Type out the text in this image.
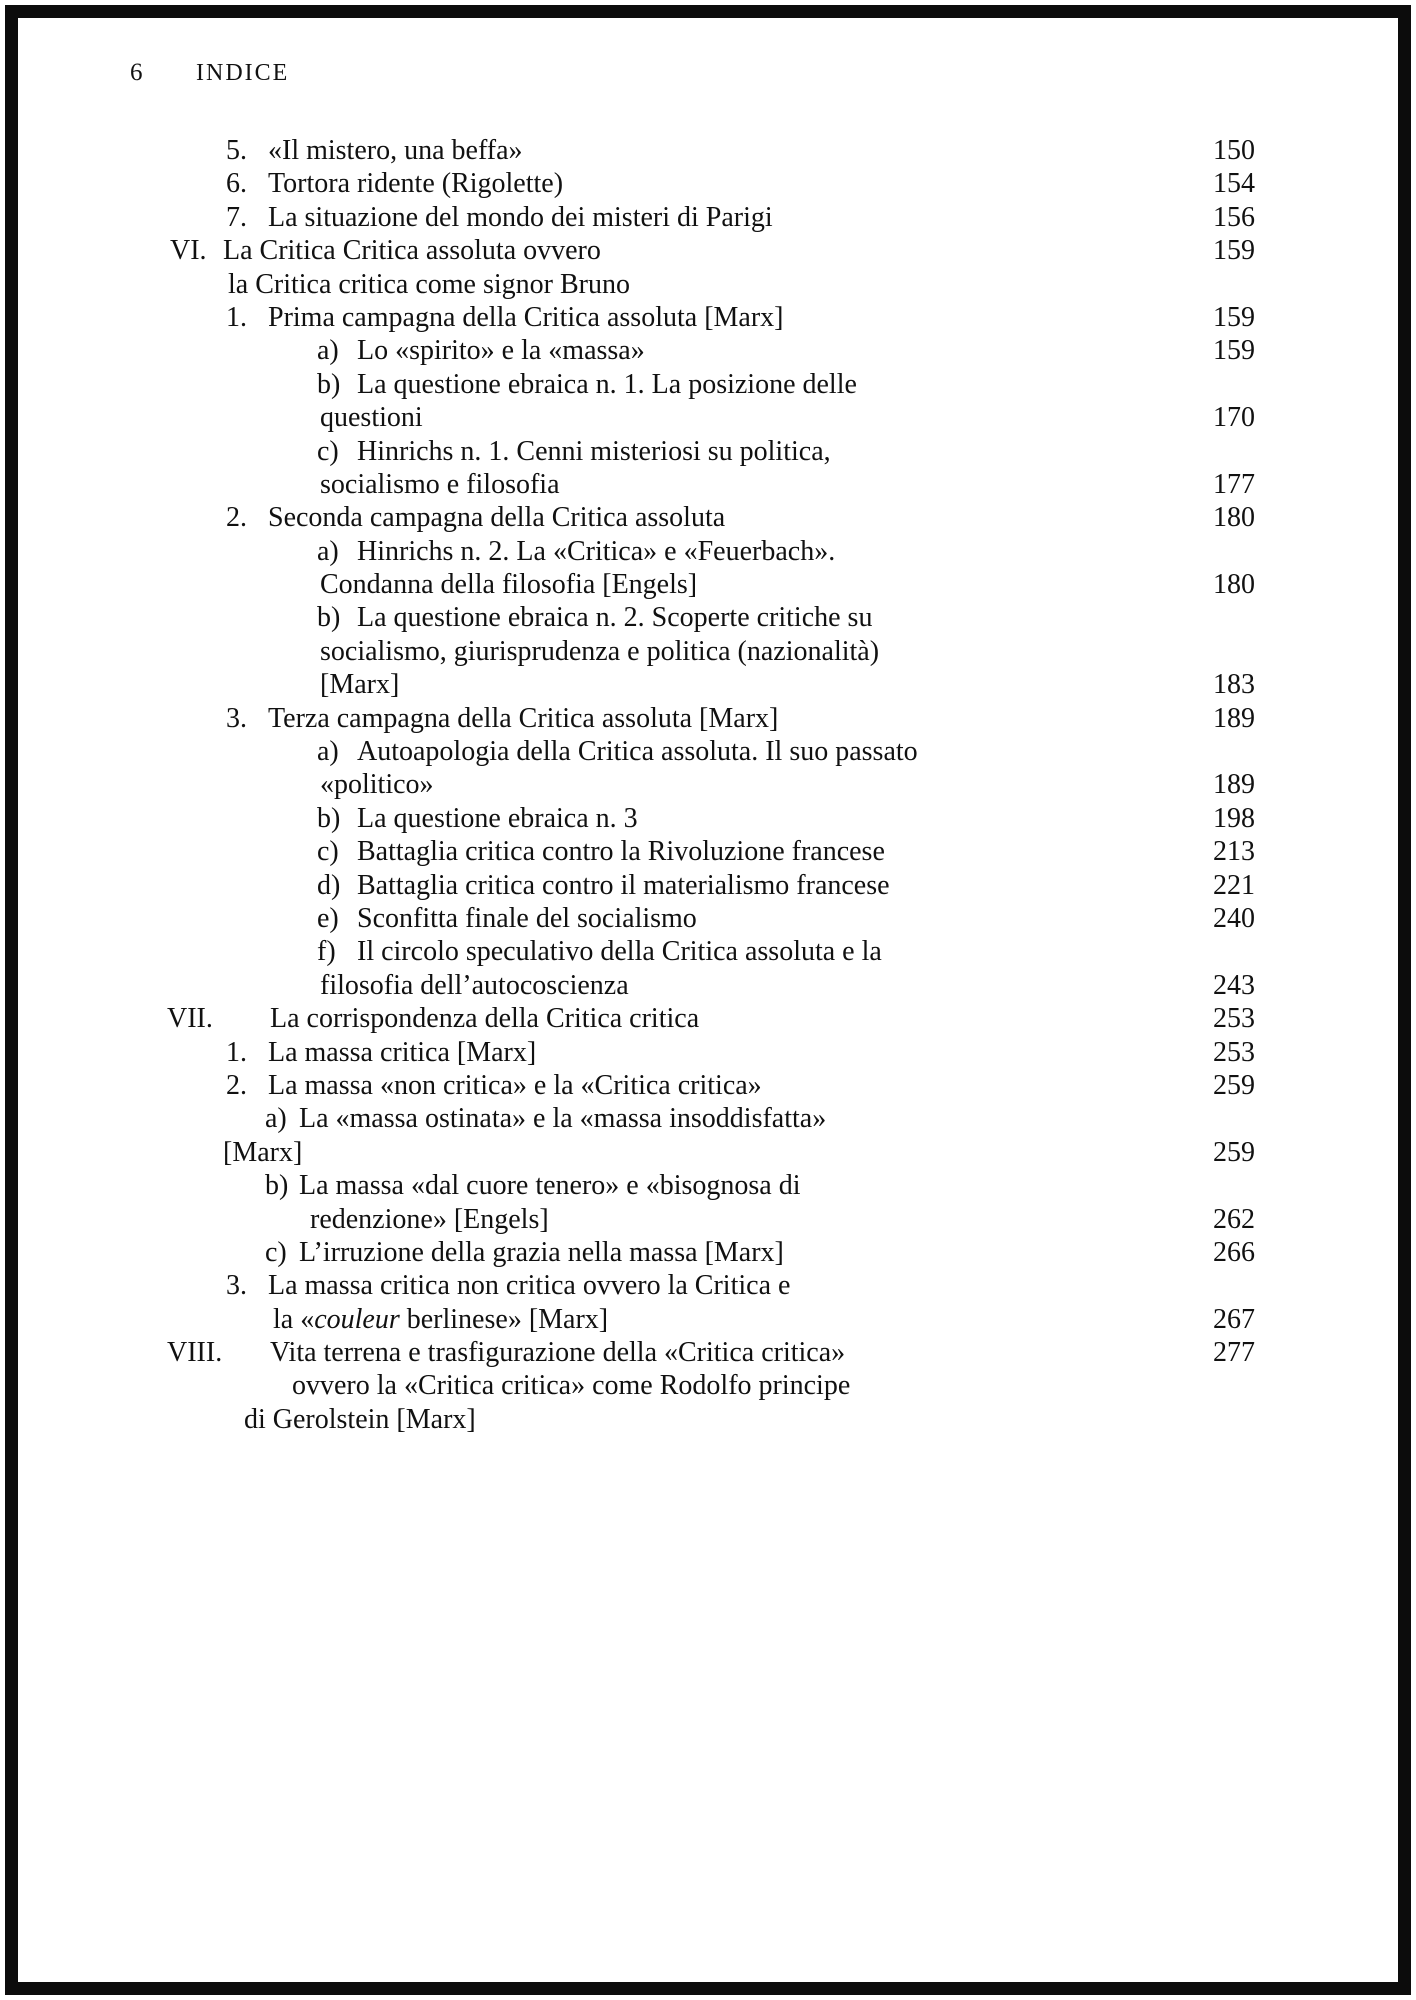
6	INDICE
5. «Il mistero, una beffa»	150
6. Tortora ridente (Rigolette)	154
7. La situazione del mondo dei misteri di Parigi	156
VI. La Critica Critica assoluta ovvero	159
la Critica critica come signor Bruno
1. Prima campagna della Critica assoluta [Marx]	159
a) Lo «spirito» e la «massa»	159
b) La questione ebraica n. 1. La posizione delle
questioni	170
c) Hinrichs n. 1. Cenni misteriosi su politica,
socialismo e filosofia	177
2. Seconda campagna della Critica assoluta	180
a) Hinrichs n. 2. La «Critica» e «Feuerbach».
Condanna della filosofia [Engels]	180
b) La questione ebraica n. 2. Scoperte critiche su
socialismo, giurisprudenza e politica (nazionalità)
[Marx]	183
3. Terza campagna della Critica assoluta [Marx]	189
a) Autoapologia della Critica assoluta. Il suo passato
«politico»	189
b) La questione ebraica n. 3	198
c) Battaglia critica contro la Rivoluzione francese	213
d) Battaglia critica contro il materialismo francese	221
e) Sconfitta finale del socialismo	240
f) Il circolo speculativo della Critica assoluta e la
filosofia dell’autocoscienza	243
VII.	La corrispondenza della Critica critica	253
1. La massa critica [Marx]	253
2. La massa «non critica» e la «Critica critica»	259
a) La «massa ostinata» e la «massa insoddisfatta»
[Marx]	259
b) La massa «dal cuore tenero» e «bisognosa di
redenzione» [Engels]	262
c) L’irruzione della grazia nella massa [Marx]	266
3. La massa critica non critica ovvero la Critica e
la «couleur berlinese» [Marx]	267
VIII.	Vita terrena e trasfigurazione della «Critica critica»	277
ovvero la «Critica critica» come Rodolfo principe
di Gerolstein [Marx]
